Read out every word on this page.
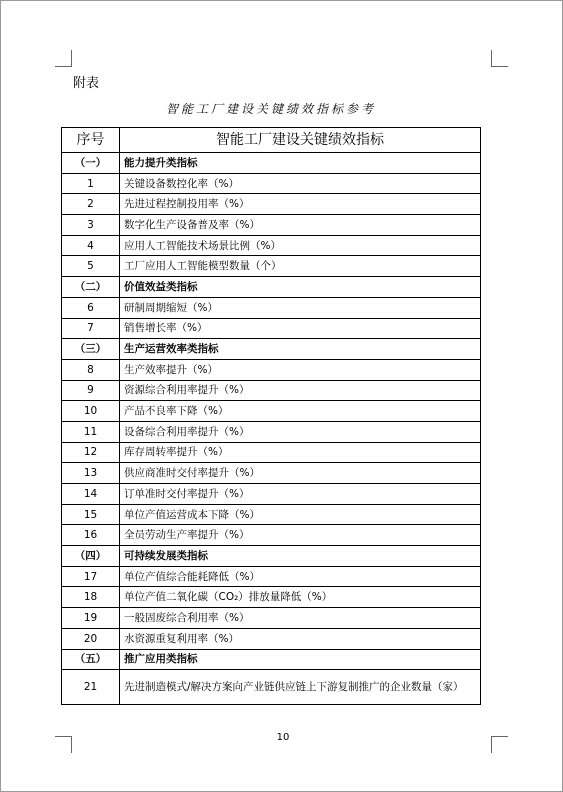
附表
智能工厂建设关键绩效指标参考
序号	智能工厂建设关键绩效指标
（一）	能力提升类指标
1	关键设备数控化率（%）
2	先进过程控制投用率（%）
3	数字化生产设备普及率（%）
4	应用人工智能技术场景比例（%）
5	工厂应用人工智能模型数量（个）
（二）	价值效益类指标
6	研制周期缩短（%）
7	销售增长率（%）
（三）	生产运营效率类指标
8	生产效率提升（%）
9	资源综合利用率提升（%）
10	产品不良率下降（%）
11	设备综合利用率提升（%）
12	库存周转率提升（%）
13	供应商准时交付率提升（%）
14	订单准时交付率提升（%）
15	单位产值运营成本下降（%）
16	全员劳动生产率提升（%）
（四）	可持续发展类指标
17	单位产值综合能耗降低（%）
18	单位产值二氧化碳（CO₂）排放量降低（%）
19	一般固废综合利用率（%）
20	水资源重复利用率（%）
（五）	推广应用类指标
21	先进制造模式/解决方案向产业链供应链上下游复制推广的企业数量（家）
10
